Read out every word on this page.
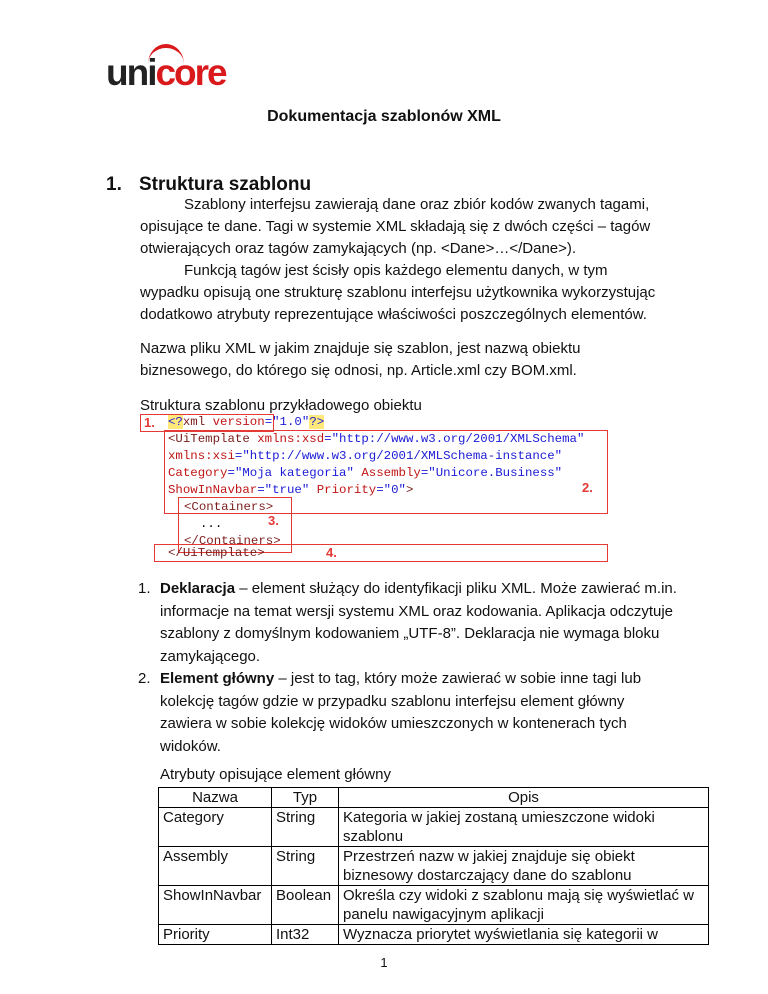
unicore
Dokumentacja szablonów XML
1. Struktura szablonu
Szablony interfejsu zawierają dane oraz zbiór kodów zwanych tagami, opisujące te dane. Tagi w systemie XML składają się z dwóch części – tagów otwierających oraz tagów zamykających (np. <Dane>…</Dane>).
Funkcją tagów jest ścisły opis każdego elementu danych, w tym wypadku opisują one strukturę szablonu interfejsu użytkownika wykorzystując dodatkowo atrybuty reprezentujące właściwości poszczególnych elementów.
Nazwa pliku XML w jakim znajduje się szablon, jest nazwą obiektu biznesowego, do którego się odnosi, np. Article.xml czy BOM.xml.
Struktura szablonu przykładowego obiektu
1.
2.
3.
4.
<?xml version="1.0"?>
<UiTemplate xmlns:xsd="http://www.w3.org/2001/XMLSchema"
xmlns:xsi="http://www.w3.org/2001/XMLSchema-instance"
Category="Moja kategoria" Assembly="Unicore.Business"
ShowInNavbar="true" Priority="0">
<Containers>
...
</Containers>
</UiTemplate>
1. Deklaracja – element służący do identyfikacji pliku XML. Może zawierać m.in. informacje na temat wersji systemu XML oraz kodowania. Aplikacja odczytuje szablony z domyślnym kodowaniem „UTF-8”. Deklaracja nie wymaga bloku zamykającego.
2. Element główny – jest to tag, który może zawierać w sobie inne tagi lub kolekcję tagów gdzie w przypadku szablonu interfejsu element główny zawiera w sobie kolekcję widoków umieszczonych w kontenerach tych widoków.
Atrybuty opisujące element główny
Nazwa	Typ	Opis
Category	String	Kategoria w jakiej zostaną umieszczone widoki szablonu
Assembly	String	Przestrzeń nazw w jakiej znajduje się obiekt biznesowy dostarczający dane do szablonu
ShowInNavbar	Boolean	Określa czy widoki z szablonu mają się wyświetlać w panelu nawigacyjnym aplikacji
Priority	Int32	Wyznacza priorytet wyświetlania się kategorii w
1
